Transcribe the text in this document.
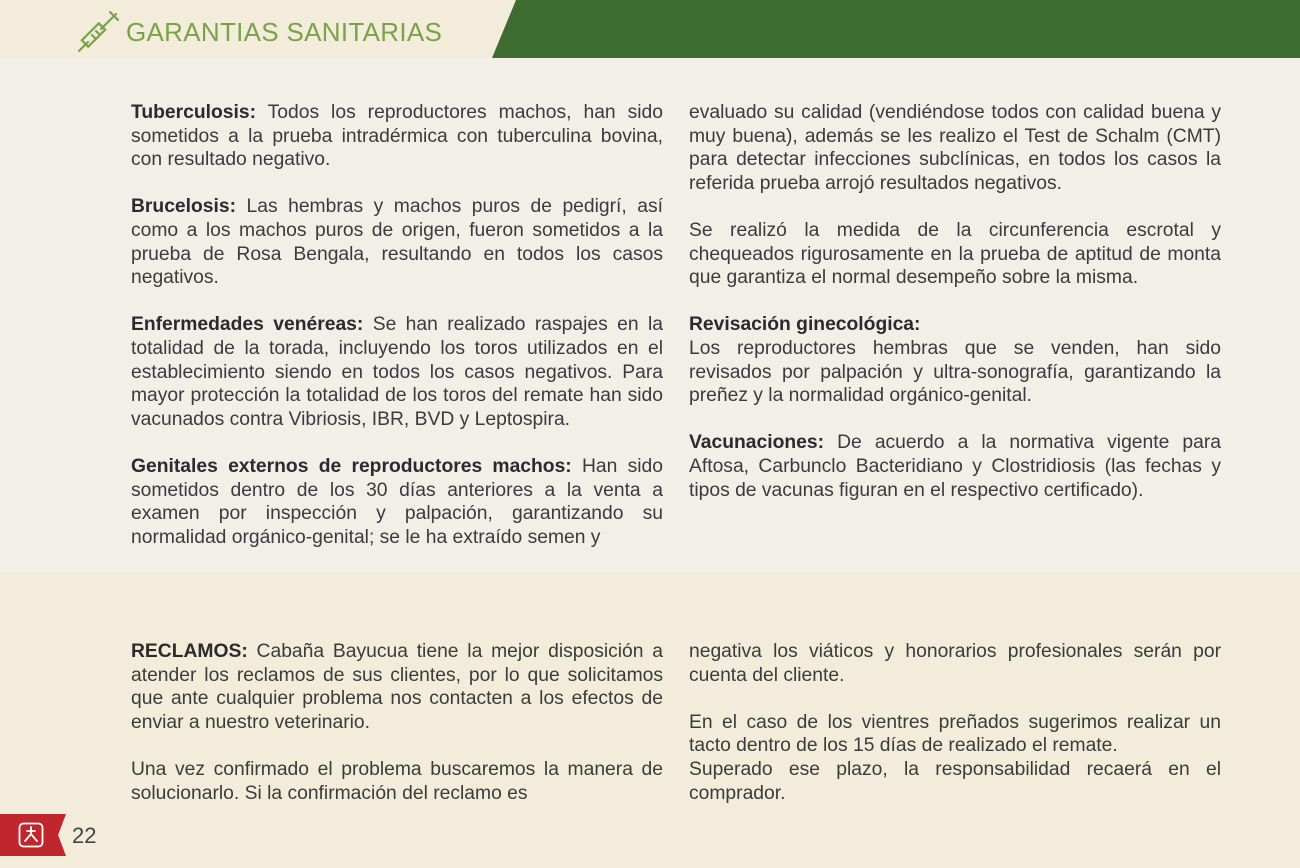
GARANTIAS SANITARIAS

Tuberculosis: Todos los reproductores machos, han sido sometidos a la prueba intradérmica con tuberculina bovina, con resultado negativo.

Brucelosis: Las hembras y machos puros de pedigrí, así como a los machos puros de origen, fueron sometidos a la prueba de Rosa Bengala, resultando en todos los casos negativos.

Enfermedades venéreas: Se han realizado raspajes en la totalidad de la torada, incluyendo los toros utilizados en el establecimiento siendo en todos los casos negativos. Para mayor protección la totalidad de los toros del remate han sido vacunados contra Vibriosis, IBR, BVD y Leptospira.

Genitales externos de reproductores machos: Han sido sometidos dentro de los 30 días anteriores a la venta a examen por inspección y palpación, garantizando su normalidad orgánico-genital; se le ha extraído semen y

evaluado su calidad (vendiéndose todos con calidad buena y muy buena), además se les realizo el Test de Schalm (CMT) para detectar infecciones subclínicas, en todos los casos la referida prueba arrojó resultados negativos.

Se realizó la medida de la circunferencia escrotal y chequeados rigurosamente en la prueba de aptitud de monta que garantiza el normal desempeño sobre la misma.

Revisación ginecológica:
Los reproductores hembras que se venden, han sido revisados por palpación y ultra-sonografía, garantizando la preñez y la normalidad orgánico-genital.

Vacunaciones: De acuerdo a la normativa vigente para Aftosa, Carbunclo Bacteridiano y Clostridiosis (las fechas y tipos de vacunas figuran en el respectivo certificado).

RECLAMOS: Cabaña Bayucua tiene la mejor disposición a atender los reclamos de sus clientes, por lo que solicitamos que ante cualquier problema nos contacten a los efectos de enviar a nuestro veterinario.

Una vez confirmado el problema buscaremos la manera de solucionarlo. Si la confirmación del reclamo es

negativa los viáticos y honorarios profesionales serán por cuenta del cliente.

En el caso de los vientres preñados sugerimos realizar un tacto dentro de los 15 días de realizado el remate.

Superado ese plazo, la responsabilidad recaerá en el comprador.

22
